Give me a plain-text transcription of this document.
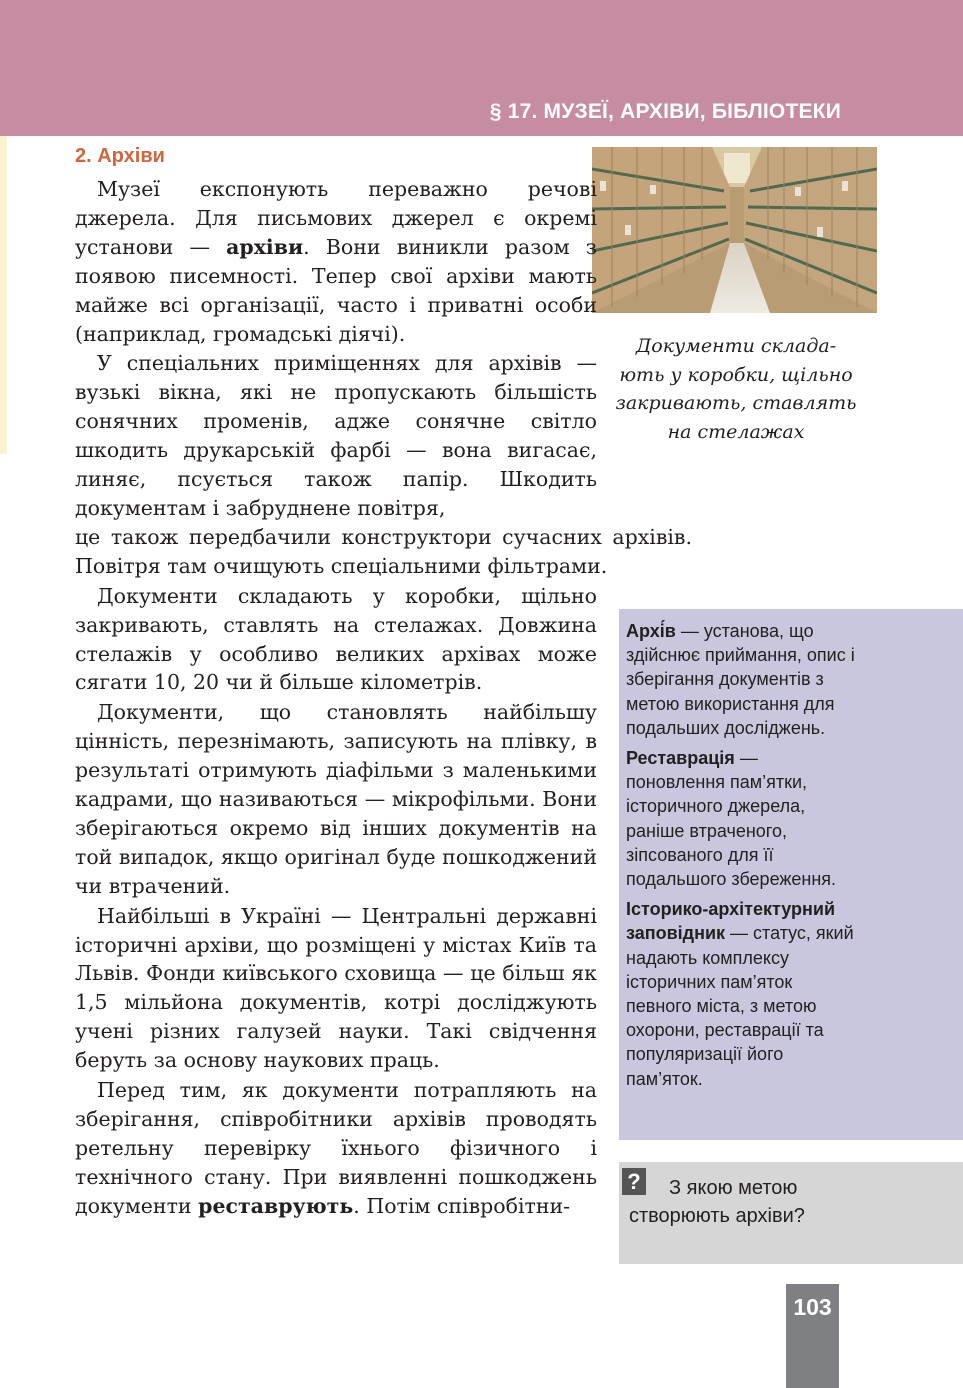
§ 17. МУЗЕЇ, АРХІВИ, БІБЛІОТЕКИ
2. Архіви
Документи склада-
ють у коробки, щільно
закривають, ставлять
на стелажах

Музеї експонують переважно речові джерела. Для письмових джерел є окремі установи — архіви. Вони виникли разом з появою писемності. Тепер свої архіви мають майже всі організації, часто і приватні особи (наприклад, громадські діячі).

У спеціальних приміщеннях для архівів — вузькі вікна, які не пропускають більшість сонячних променів, адже сонячне світло шкодить друкарській фарбі — вона вигасає, линяє, псується також папір. Шкодить документам і забруднене повітря,

це також передбачили конструктори сучасних архівів. Повітря там очищують спеціальними фільтрами.

Документи складають у коробки, щільно закривають, ставлять на стелажах. Довжина стелажів у особливо великих архівах може сягати 10, 20 чи й більше кілометрів.

Документи, що становлять найбільшу цінність, перезнімають, записують на плівку, в результаті отримують діафільми з маленькими кадрами, що називаються — мікрофільми. Вони зберігаються окремо від інших документів на той випадок, якщо оригінал буде пошкоджений чи втрачений.

Найбільші в Україні — Центральні державні історичні архіви, що розміщені у містах Київ та Львів. Фонди київського сховища — це більш як 1,5 мільйона документів, котрі досліджують учені різних галузей науки. Такі свідчення беруть за основу наукових праць.

Перед тим, як документи потрапляють на зберігання, співробітники архівів проводять ретельну перевірку їхнього фізичного і технічного стану. При виявленні пошкоджень документи реставрують. Потім співробітни-

Архі́в — установа, що здійснює приймання, опис і зберігання документів з метою використання для подальших досліджень.

Реставрація — поновлення пам’ятки, історичного джерела, раніше втраченого, зіпсованого для її подальшого збереження.

Історико-архітектурний заповідник — статус, який надають комплексу історичних пам’яток певного міста, з метою охорони, реставрації та популяризації його пам’яток.

?	З якою метою створюють архіви?
103
